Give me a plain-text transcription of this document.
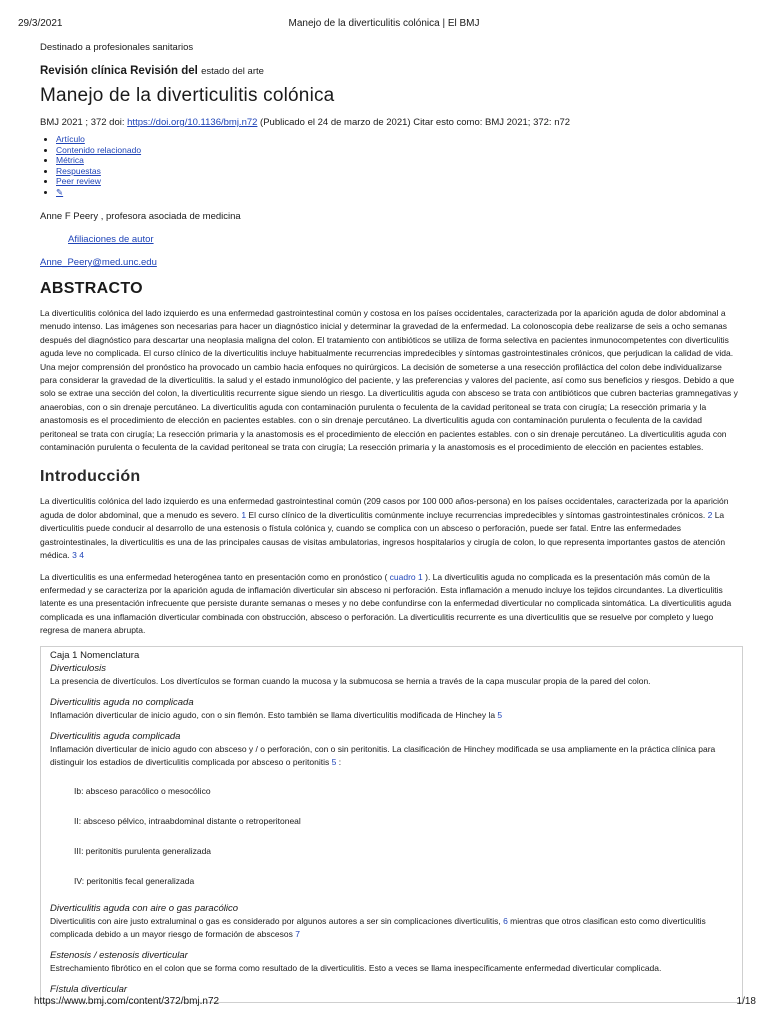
29/3/2021	Manejo de la diverticulitis colónica | El BMJ

Destinado a profesionales sanitarios

Revisión clínica Revisión del estado del arte

Manejo de la diverticulitis colónica

BMJ 2021 ; 372 doi: https://doi.org/10.1136/bmj.n72 (Publicado el 24 de marzo de 2021) Citar esto como: BMJ 2021; 372: n72

• Artículo
• Contenido relacionado
• Métrica
• Respuestas
• Peer review
• ✎

Anne F Peery , profesora asociada de medicina

Afiliaciones de autor

Anne_Peery@med.unc.edu

ABSTRACTO

La diverticulitis colónica del lado izquierdo es una enfermedad gastrointestinal común y costosa en los países occidentales, caracterizada por la aparición aguda de dolor abdominal a menudo intenso. Las imágenes son necesarias para hacer un diagnóstico inicial y determinar la gravedad de la enfermedad. La colonoscopia debe realizarse de seis a ocho semanas después del diagnóstico para descartar una neoplasia maligna del colon. El tratamiento con antibióticos se utiliza de forma selectiva en pacientes inmunocompetentes con diverticulitis aguda leve no complicada. El curso clínico de la diverticulitis incluye habitualmente recurrencias impredecibles y síntomas gastrointestinales crónicos, que perjudican la calidad de vida. Una mejor comprensión del pronóstico ha provocado un cambio hacia enfoques no quirúrgicos. La decisión de someterse a una resección profiláctica del colon debe individualizarse para considerar la gravedad de la diverticulitis. la salud y el estado inmunológico del paciente, y las preferencias y valores del paciente, así como sus beneficios y riesgos. Debido a que solo se extrae una sección del colon, la diverticulitis recurrente sigue siendo un riesgo. La diverticulitis aguda con absceso se trata con antibióticos que cubren bacterias gramnegativas y anaerobias, con o sin drenaje percutáneo. La diverticulitis aguda con contaminación purulenta o feculenta de la cavidad peritoneal se trata con cirugía; La resección primaria y la anastomosis es el procedimiento de elección en pacientes estables. con o sin drenaje percutáneo. La diverticulitis aguda con contaminación purulenta o feculenta de la cavidad peritoneal se trata con cirugía; La resección primaria y la anastomosis es el procedimiento de elección en pacientes estables. con o sin drenaje percutáneo. La diverticulitis aguda con contaminación purulenta o feculenta de la cavidad peritoneal se trata con cirugía; La resección primaria y la anastomosis es el procedimiento de elección en pacientes estables.

Introducción

La diverticulitis colónica del lado izquierdo es una enfermedad gastrointestinal común (209 casos por 100 000 años-persona) en los países occidentales, caracterizada por la aparición aguda de dolor abdominal, que a menudo es severo. 1 El curso clínico de la diverticulitis comúnmente incluye recurrencias impredecibles y síntomas gastrointestinales crónicos. 2 La diverticulitis puede conducir al desarrollo de una estenosis o fístula colónica y, cuando se complica con un absceso o perforación, puede ser fatal. Entre las enfermedades gastrointestinales, la diverticulitis es una de las principales causas de visitas ambulatorias, ingresos hospitalarios y cirugía de colon, lo que representa importantes gastos de atención médica. 3 4

La diverticulitis es una enfermedad heterogénea tanto en presentación como en pronóstico ( cuadro 1 ). La diverticulitis aguda no complicada es la presentación más común de la enfermedad y se caracteriza por la aparición aguda de inflamación diverticular sin absceso ni perforación. Esta inflamación a menudo incluye los tejidos circundantes. La diverticulitis latente es una presentación infrecuente que persiste durante semanas o meses y no debe confundirse con la enfermedad diverticular no complicada sintomática. La diverticulitis aguda complicada es una inflamación diverticular combinada con obstrucción, absceso o perforación. La diverticulitis recurrente es una diverticulitis que se resuelve por completo y luego regresa de manera abrupta.

Caja 1 Nomenclatura

Diverticulosis

La presencia de divertículos. Los divertículos se forman cuando la mucosa y la submucosa se hernia a través de la capa muscular propia de la pared del colon.

Diverticulitis aguda no complicada

Inflamación diverticular de inicio agudo, con o sin flemón. Esto también se llama diverticulitis modificada de Hinchey la 5

Diverticulitis aguda complicada

Inflamación diverticular de inicio agudo con absceso y / o perforación, con o sin peritonitis. La clasificación de Hinchey modificada se usa ampliamente en la práctica clínica para distinguir los estadios de diverticulitis complicada por absceso o peritonitis 5 :

Ib: absceso paracólico o mesocólico

II: absceso pélvico, intraabdominal distante o retroperitoneal

III: peritonitis purulenta generalizada

IV: peritonitis fecal generalizada

Diverticulitis aguda con aire o gas paracólico

Diverticulitis con aire justo extraluminal o gas es considerado por algunos autores a ser sin complicaciones diverticulitis, 6 mientras que otros clasifican esto como diverticulitis complicada debido a un mayor riesgo de formación de abscesos 7

Estenosis / estenosis diverticular

Estrechamiento fibrótico en el colon que se forma como resultado de la diverticulitis. Esto a veces se llama inespecíficamente enfermedad diverticular complicada.

Fístula diverticular

https://www.bmj.com/content/372/bmj.n72	1/18
